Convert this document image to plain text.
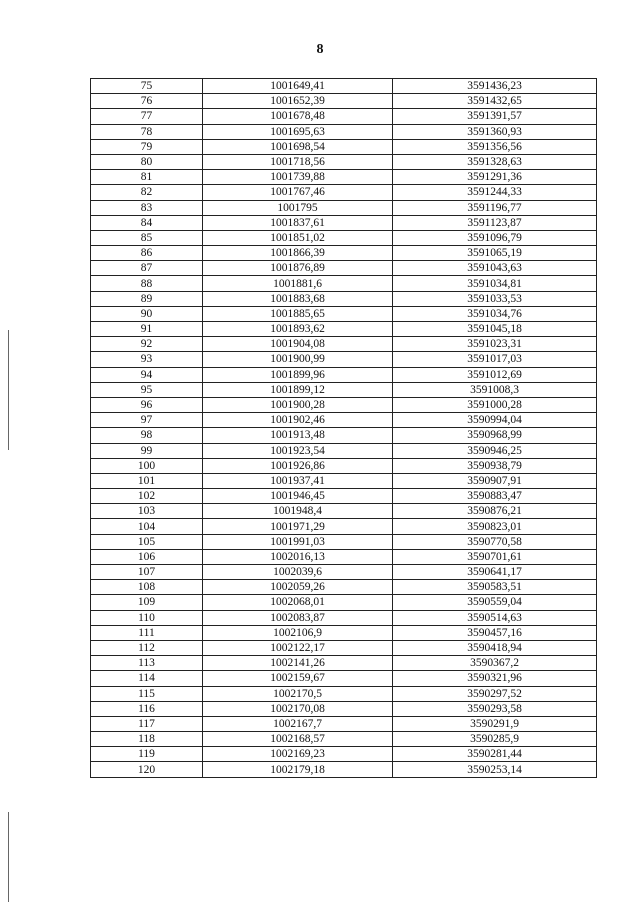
8
75	1001649,41	3591436,23
76	1001652,39	3591432,65
77	1001678,48	3591391,57
78	1001695,63	3591360,93
79	1001698,54	3591356,56
80	1001718,56	3591328,63
81	1001739,88	3591291,36
82	1001767,46	3591244,33
83	1001795	3591196,77
84	1001837,61	3591123,87
85	1001851,02	3591096,79
86	1001866,39	3591065,19
87	1001876,89	3591043,63
88	1001881,6	3591034,81
89	1001883,68	3591033,53
90	1001885,65	3591034,76
91	1001893,62	3591045,18
92	1001904,08	3591023,31
93	1001900,99	3591017,03
94	1001899,96	3591012,69
95	1001899,12	3591008,3
96	1001900,28	3591000,28
97	1001902,46	3590994,04
98	1001913,48	3590968,99
99	1001923,54	3590946,25
100	1001926,86	3590938,79
101	1001937,41	3590907,91
102	1001946,45	3590883,47
103	1001948,4	3590876,21
104	1001971,29	3590823,01
105	1001991,03	3590770,58
106	1002016,13	3590701,61
107	1002039,6	3590641,17
108	1002059,26	3590583,51
109	1002068,01	3590559,04
110	1002083,87	3590514,63
111	1002106,9	3590457,16
112	1002122,17	3590418,94
113	1002141,26	3590367,2
114	1002159,67	3590321,96
115	1002170,5	3590297,52
116	1002170,08	3590293,58
117	1002167,7	3590291,9
118	1002168,57	3590285,9
119	1002169,23	3590281,44
120	1002179,18	3590253,14
